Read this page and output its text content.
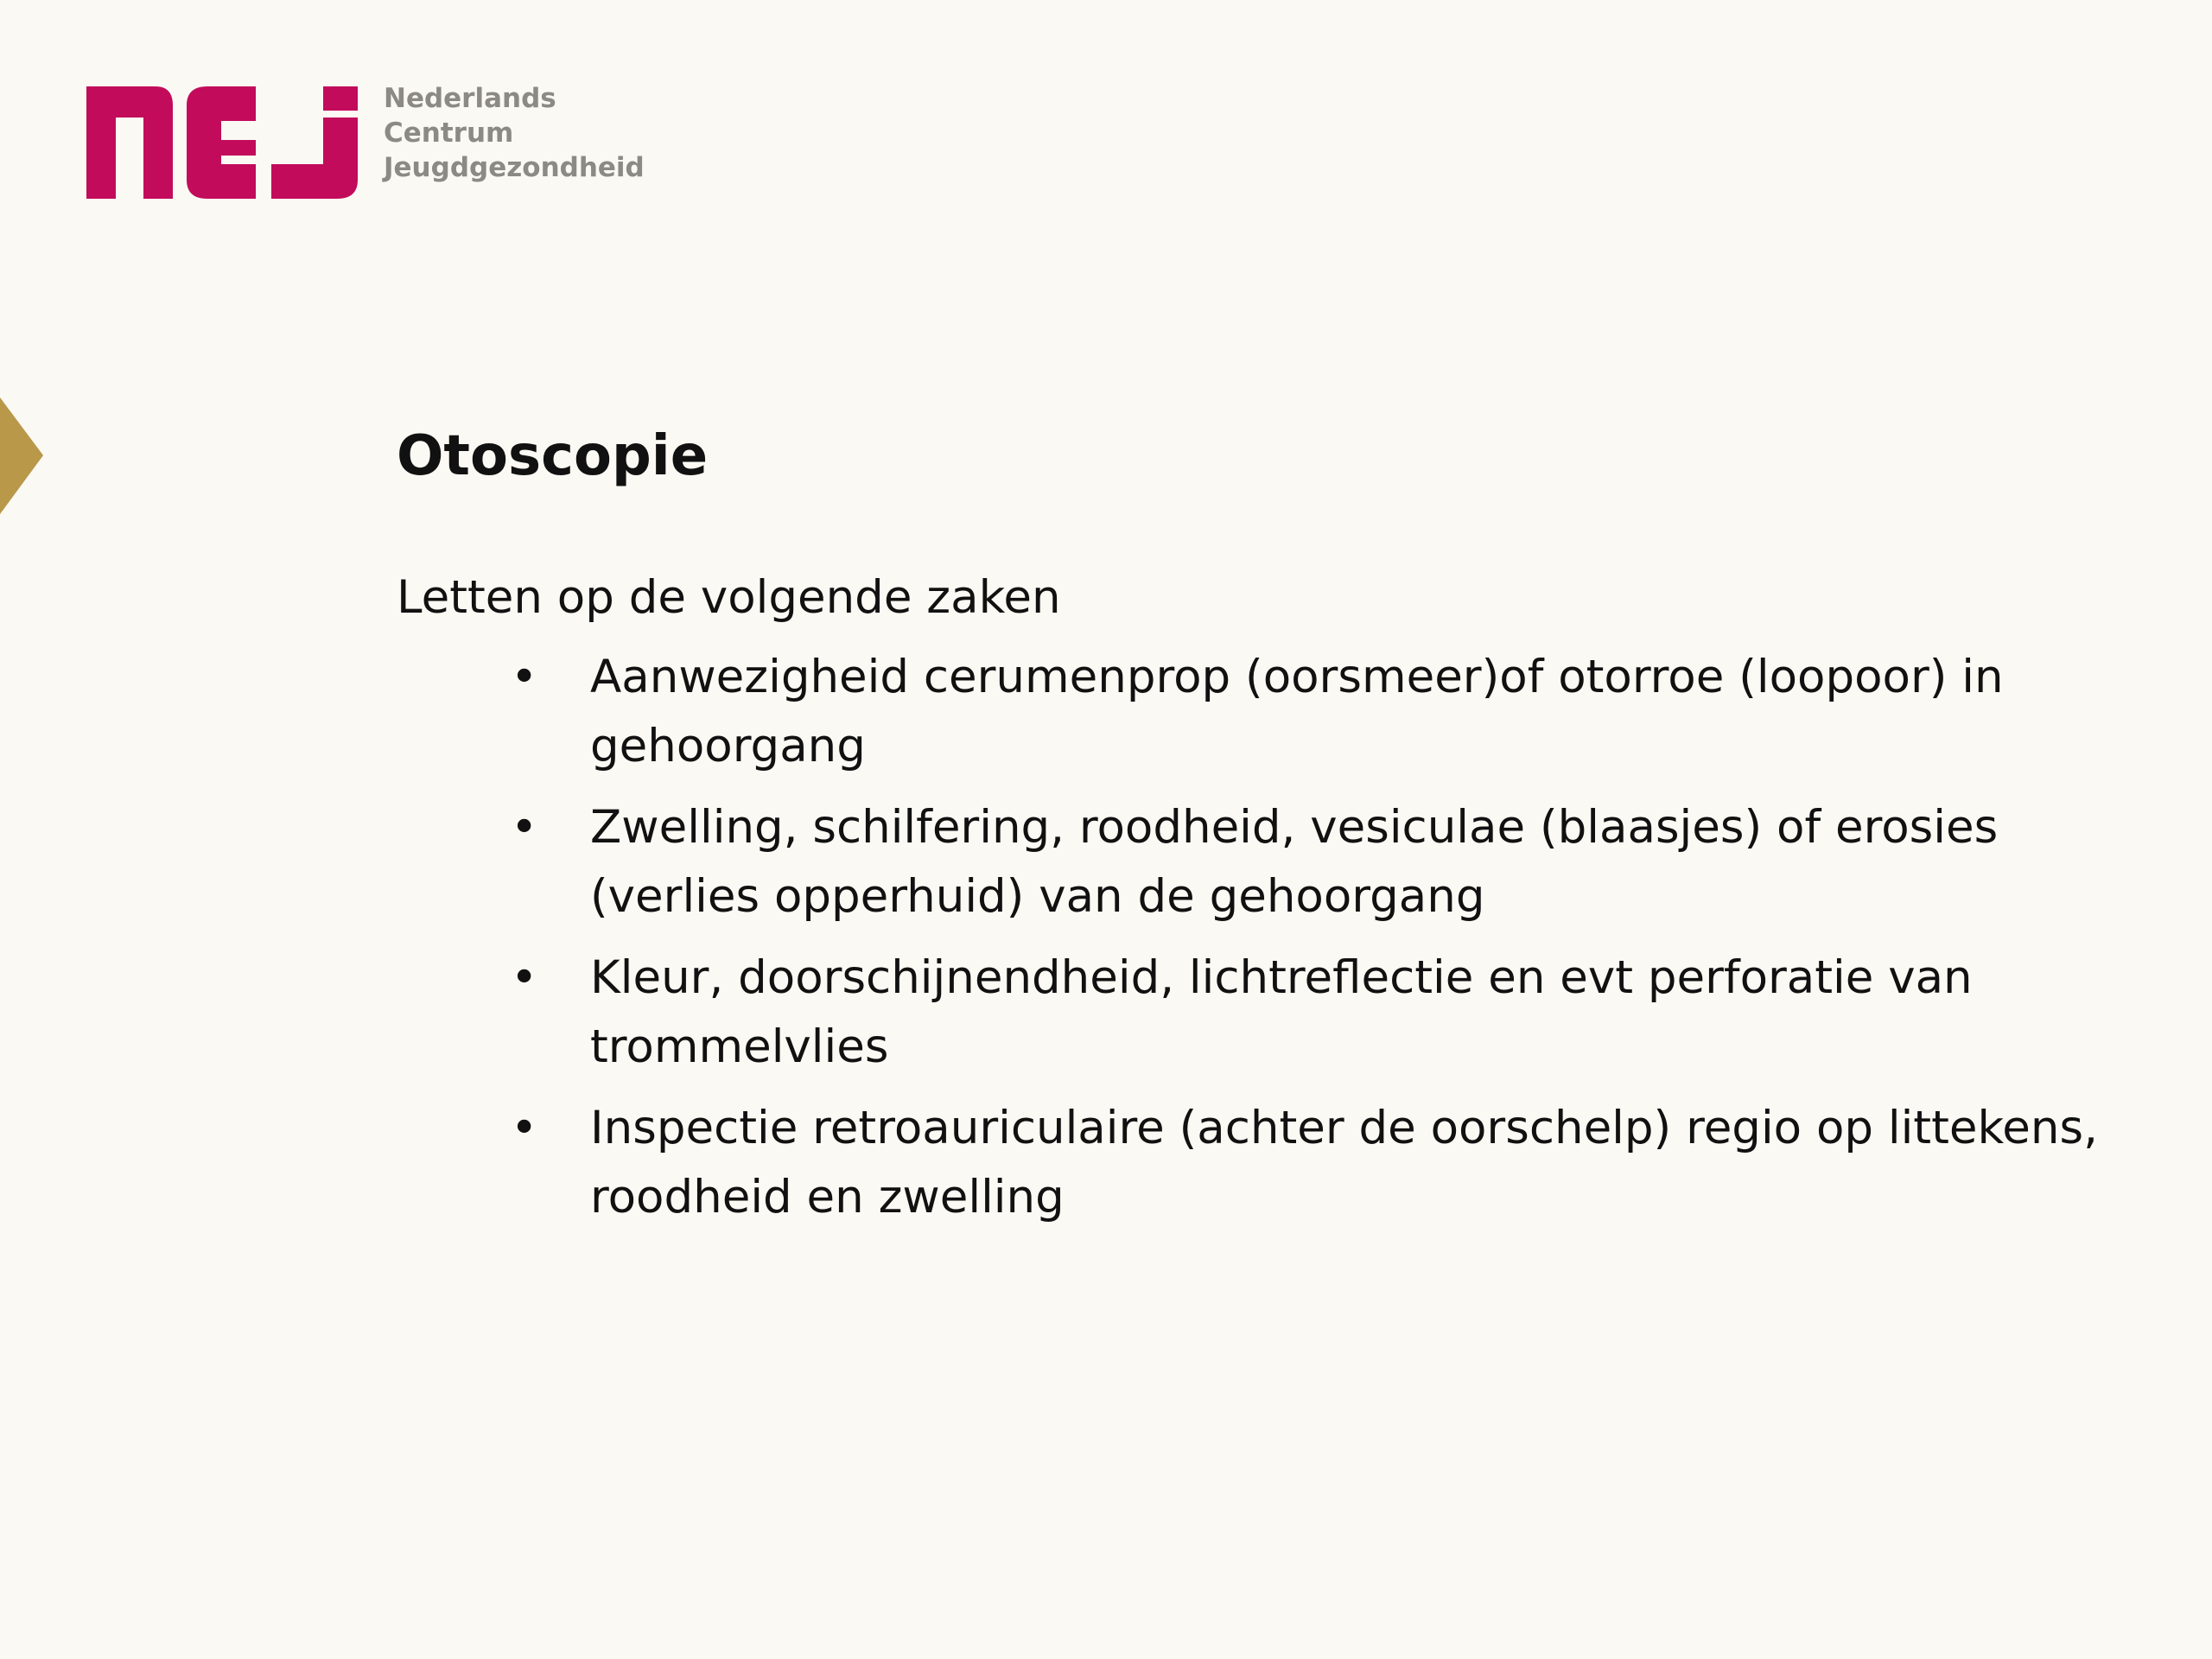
Nederlands
Centrum
Jeugdgezondheid
Otoscopie

Letten op de volgende zaken

• Aanwezigheid cerumenprop (oorsmeer)of otorroe (loopoor) in gehoorgang
• Zwelling, schilfering, roodheid, vesiculae (blaasjes) of erosies (verlies opperhuid) van de gehoorgang
• Kleur, doorschijnendheid, lichtreflectie en evt perforatie van trommelvlies
• Inspectie retroauriculaire (achter de oorschelp) regio op littekens, roodheid en zwelling
